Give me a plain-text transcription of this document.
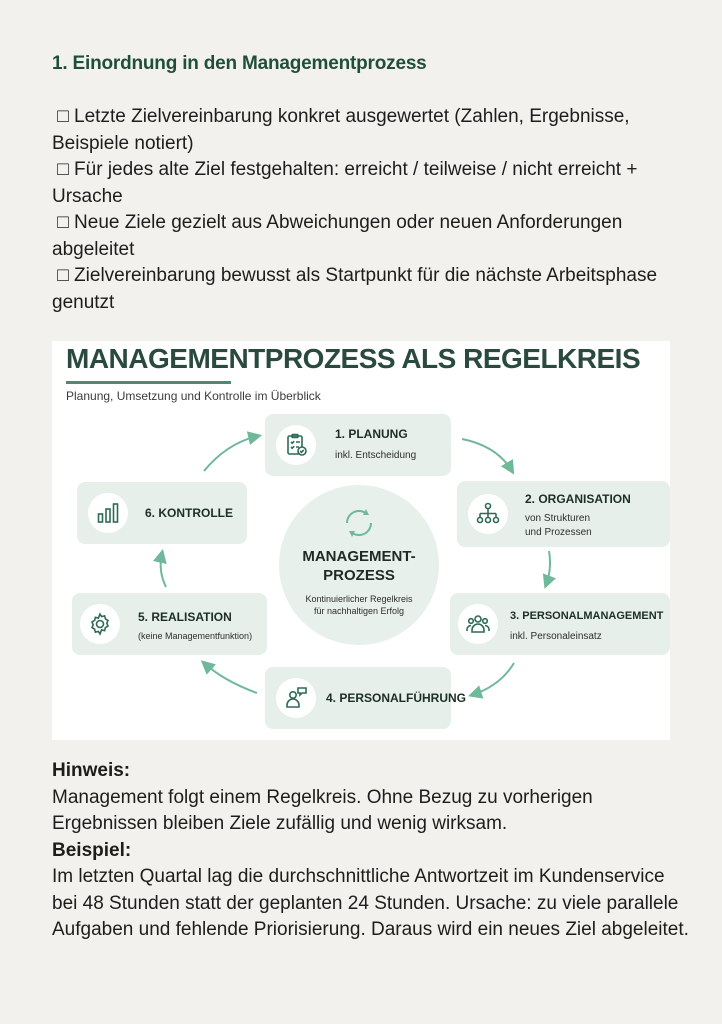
1. Einordnung in den Managementprozess

□ Letzte Zielvereinbarung konkret ausgewertet (Zahlen, Ergebnisse, Beispiele notiert)

□ Für jedes alte Ziel festgehalten: erreicht / teilweise / nicht erreicht + Ursache

□ Neue Ziele gezielt aus Abweichungen oder neuen Anforderungen abgeleitet

□ Zielvereinbarung bewusst als Startpunkt für die nächste Arbeitsphase genutzt

MANAGEMENTPROZESS ALS REGELKREIS
Planung, Umsetzung und Kontrolle im Überblick
1. PLANUNG
inkl. Entscheidung
2. ORGANISATION
von Strukturen
und Prozessen
3. PERSONALMANAGEMENT
inkl. Personaleinsatz
4. PERSONALFÜHRUNG
5. REALISATION
(keine Managementfunktion)
6. KONTROLLE
MANAGEMENT-
PROZESS
Kontinuierlicher Regelkreis
für nachhaltigen Erfolg

Hinweis:

Management folgt einem Regelkreis. Ohne Bezug zu vorherigen Ergebnissen bleiben Ziele zufällig und wenig wirksam.

Beispiel:

Im letzten Quartal lag die durchschnittliche Antwortzeit im Kundenservice bei 48 Stunden statt der geplanten 24 Stunden. Ursache: zu viele parallele Aufgaben und fehlende Priorisierung. Daraus wird ein neues Ziel abgeleitet.
